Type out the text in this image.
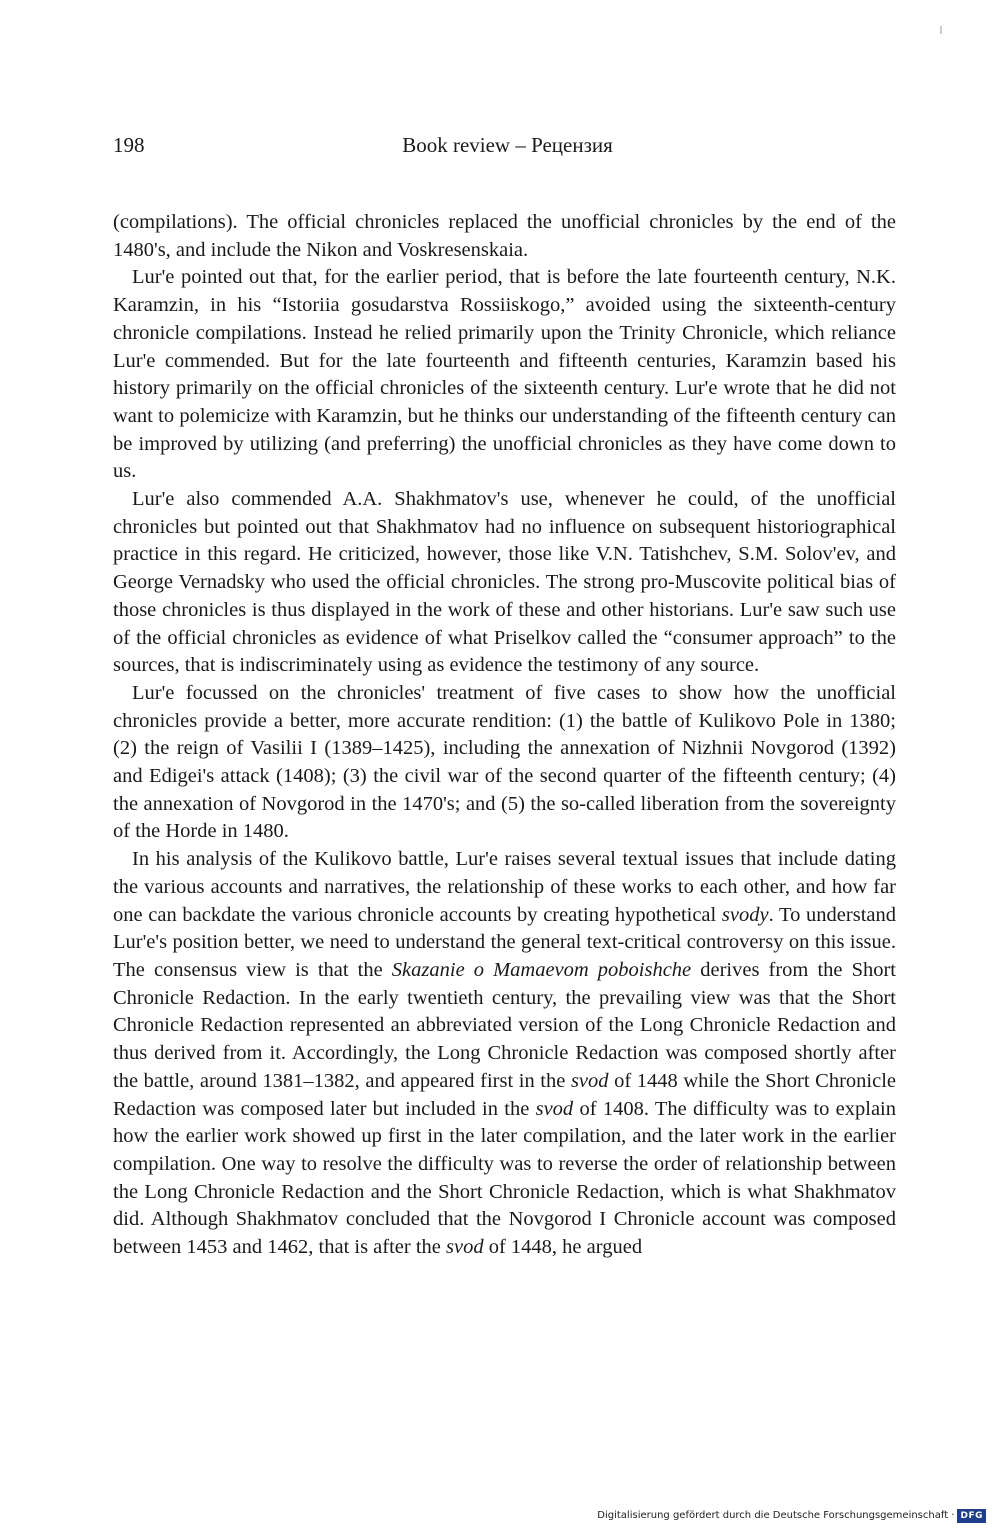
198	Book review – Рецензия

(compilations). The official chronicles replaced the unofficial chronicles by the end of the 1480's, and include the Nikon and Voskresenskaia.

Lur'e pointed out that, for the earlier period, that is before the late fourteenth century, N.K. Karamzin, in his “Istoriia gosudarstva Rossiiskogo,” avoided using the sixteenth-century chronicle compilations. Instead he relied primarily upon the Trinity Chronicle, which reliance Lur'e commended. But for the late fourteenth and fifteenth centuries, Karamzin based his history primarily on the official chronicles of the sixteenth century. Lur'e wrote that he did not want to polemicize with Karamzin, but he thinks our understanding of the fifteenth century can be improved by utilizing (and preferring) the unofficial chronicles as they have come down to us.

Lur'e also commended A.A. Shakhmatov's use, whenever he could, of the unofficial chronicles but pointed out that Shakhmatov had no influence on subsequent historiographical practice in this regard. He criticized, however, those like V.N. Tatishchev, S.M. Solov'ev, and George Vernadsky who used the official chronicles. The strong pro-Muscovite political bias of those chronicles is thus displayed in the work of these and other historians. Lur'e saw such use of the official chronicles as evidence of what Priselkov called the “consumer approach” to the sources, that is indiscriminately using as evidence the testimony of any source.

Lur'e focussed on the chronicles' treatment of five cases to show how the unofficial chronicles provide a better, more accurate rendition: (1) the battle of Kulikovo Pole in 1380; (2) the reign of Vasilii I (1389–1425), including the annexation of Nizhnii Novgorod (1392) and Edigei's attack (1408); (3) the civil war of the second quarter of the fifteenth century; (4) the annexation of Novgorod in the 1470's; and (5) the so-called liberation from the sovereignty of the Horde in 1480.

In his analysis of the Kulikovo battle, Lur'e raises several textual issues that include dating the various accounts and narratives, the relationship of these works to each other, and how far one can backdate the various chronicle accounts by creating hypothetical svody. To understand Lur'e's position better, we need to understand the general text-critical controversy on this issue. The consensus view is that the Skazanie o Mamaevom poboishche derives from the Short Chronicle Redaction. In the early twentieth century, the prevailing view was that the Short Chronicle Redaction represented an abbreviated version of the Long Chronicle Redaction and thus derived from it. Accordingly, the Long Chronicle Redaction was composed shortly after the battle, around 1381–1382, and appeared first in the svod of 1448 while the Short Chronicle Redaction was composed later but included in the svod of 1408. The difficulty was to explain how the earlier work showed up first in the later compilation, and the later work in the earlier compilation. One way to resolve the difficulty was to reverse the order of relationship between the Long Chronicle Redaction and the Short Chronicle Redaction, which is what Shakhmatov did. Although Shakhmatov concluded that the Novgorod I Chronicle account was composed between 1453 and 1462, that is after the svod of 1448, he argued

Digitalisierung gefördert durch die Deutsche Forschungsgemeinschaft · DFG
